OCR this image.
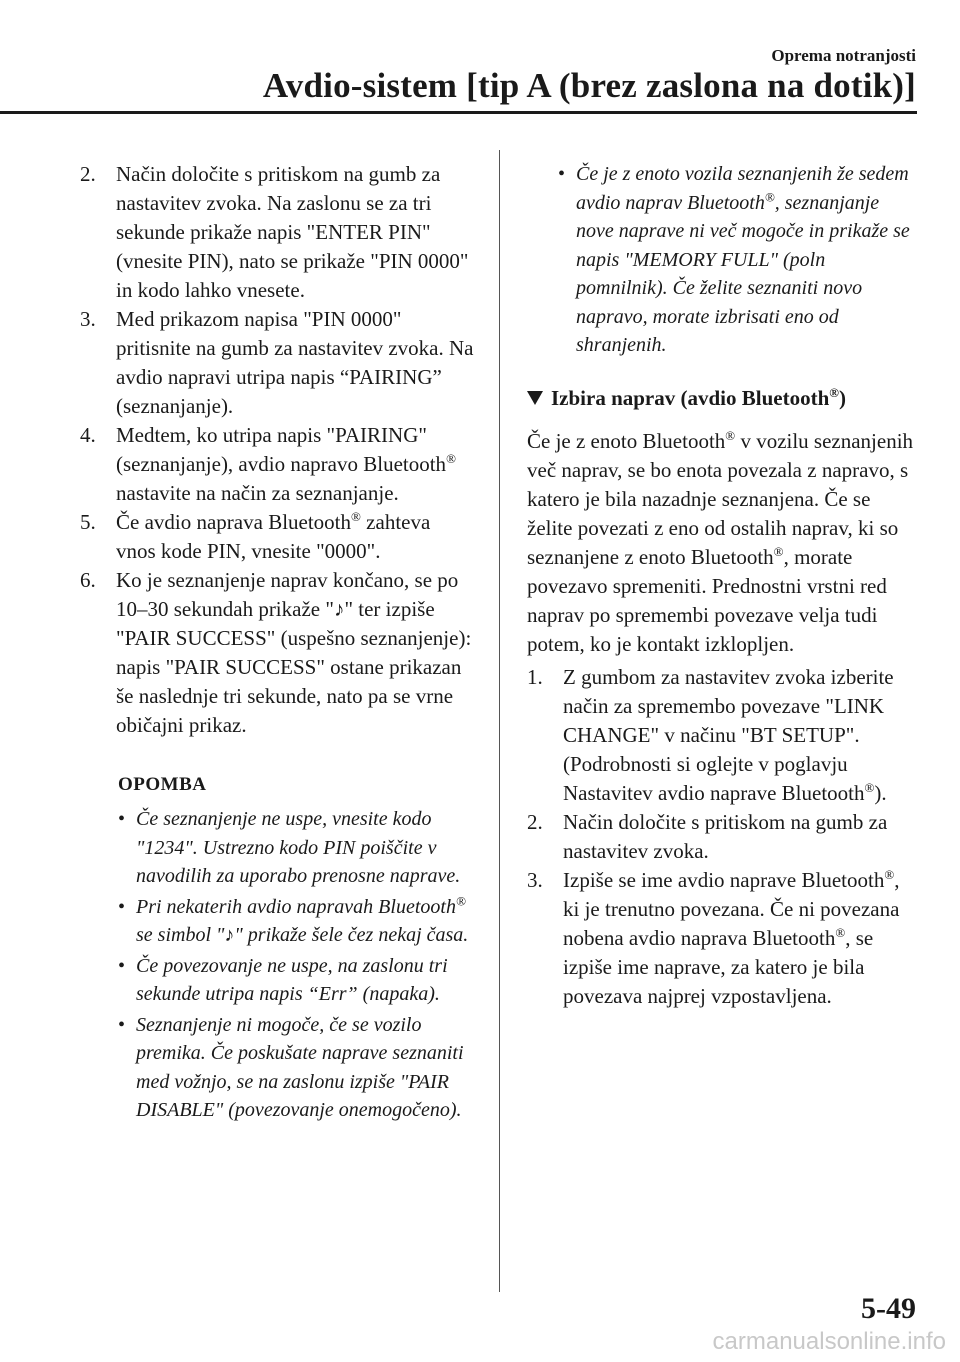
Oprema notranjosti
Avdio-sistem [tip A (brez zaslona na dotik)]
2. Način določite s pritiskom na gumb za nastavitev zvoka. Na zaslonu se za tri sekunde prikaže napis "ENTER PIN" (vnesite PIN), nato se prikaže "PIN 0000" in kodo lahko vnesete.
3. Med prikazom napisa "PIN 0000" pritisnite na gumb za nastavitev zvoka. Na avdio napravi utripa napis “PAIRING” (seznanjanje).
4. Medtem, ko utripa napis "PAIRING" (seznanjanje), avdio napravo Bluetooth® nastavite na način za seznanjanje.
5. Če avdio naprava Bluetooth® zahteva vnos kode PIN, vnesite "0000".
6. Ko je seznanjenje naprav končano, se po 10–30 sekundah prikaže "♪" ter izpiše "PAIR SUCCESS" (uspešno seznanjenje): napis "PAIR SUCCESS" ostane prikazan še naslednje tri sekunde, nato pa se vrne običajni prikaz.
OPOMBA
• Če seznanjenje ne uspe, vnesite kodo "1234". Ustrezno kodo PIN poiščite v navodilih za uporabo prenosne naprave.
• Pri nekaterih avdio napravah Bluetooth® se simbol "♪" prikaže šele čez nekaj časa.
• Če povezovanje ne uspe, na zaslonu tri sekunde utripa napis “Err” (napaka).
• Seznanjenje ni mogoče, če se vozilo premika. Če poskušate naprave seznaniti med vožnjo, se na zaslonu izpiše "PAIR DISABLE" (povezovanje onemogočeno).
• Če je z enoto vozila seznanjenih že sedem avdio naprav Bluetooth®, seznanjanje nove naprave ni več mogoče in prikaže se napis "MEMORY FULL" (poln pomnilnik). Če želite seznaniti novo napravo, morate izbrisati eno od shranjenih.
Izbira naprav (avdio Bluetooth®)

Če je z enoto Bluetooth® v vozilu seznanjenih več naprav, se bo enota povezala z napravo, s katero je bila nazadnje seznanjena. Če se želite povezati z eno od ostalih naprav, ki so seznanjene z enoto Bluetooth®, morate povezavo spremeniti. Prednostni vrstni red naprav po spremembi povezave velja tudi potem, ko je kontakt izklopljen.

1. Z gumbom za nastavitev zvoka izberite način za spremembo povezave "LINK CHANGE" v načinu "BT SETUP". (Podrobnosti si oglejte v poglavju Nastavitev avdio naprave Bluetooth®).
2. Način določite s pritiskom na gumb za nastavitev zvoka.
3. Izpiše se ime avdio naprave Bluetooth®, ki je trenutno povezana. Če ni povezana nobena avdio naprava Bluetooth®, se izpiše ime naprave, za katero je bila povezava najprej vzpostavljena.
5-49
carmanualsonline.info
